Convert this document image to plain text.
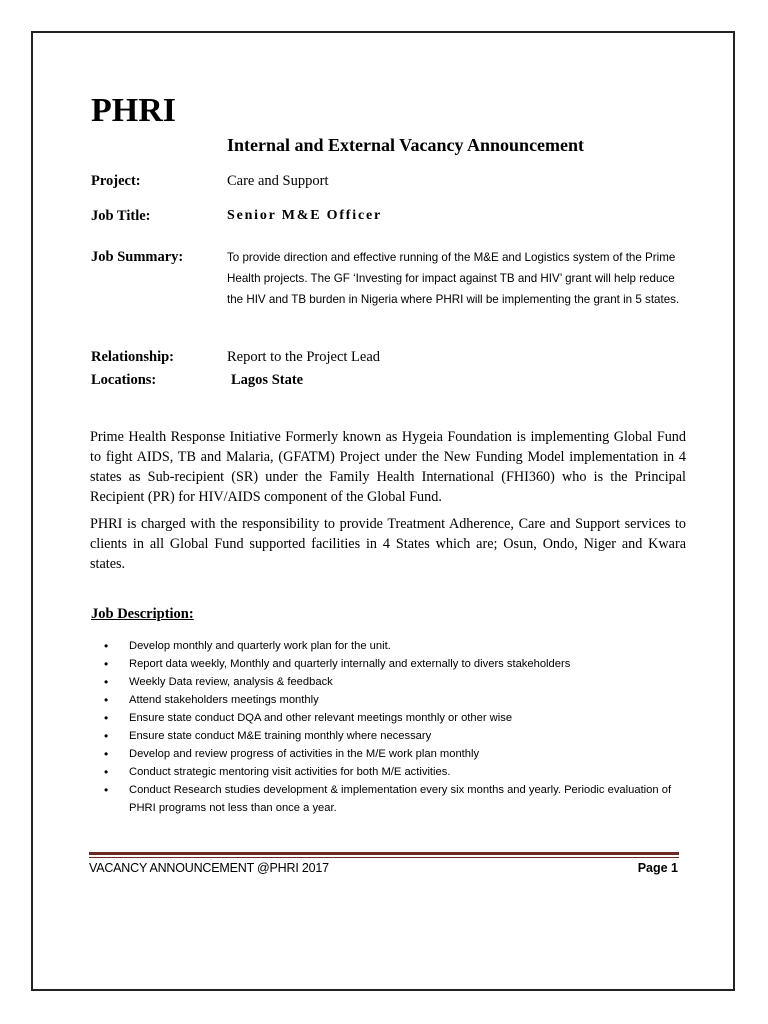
PHRI
Internal and External Vacancy Announcement
Project:	Care and Support
Job Title:	Senior M&E Officer
Job Summary:	To provide direction and effective running of the M&E and Logistics system of the Prime Health projects. The GF ‘Investing for impact against TB and HIV’ grant will help reduce the HIV and TB burden in Nigeria where PHRI will be implementing the grant in 5 states.
Relationship:	Report to the Project Lead
Locations:	Lagos State
Prime Health Response Initiative Formerly known as Hygeia Foundation is implementing Global Fund to fight AIDS, TB and Malaria, (GFATM) Project under the New Funding Model implementation in 4 states as Sub-recipient (SR) under the Family Health International (FHI360) who is the Principal Recipient (PR) for HIV/AIDS component of the Global Fund.
PHRI is charged with the responsibility to provide Treatment Adherence, Care and Support services to clients in all Global Fund supported facilities in 4 States which are; Osun, Ondo, Niger and Kwara states.
Job Description:
• Develop monthly and quarterly work plan for the unit.
• Report data weekly, Monthly and quarterly internally and externally to divers stakeholders
• Weekly Data review, analysis & feedback
• Attend stakeholders meetings monthly
• Ensure state conduct DQA and other relevant meetings monthly or other wise
• Ensure state conduct M&E training monthly where necessary
• Develop and review progress of activities in the M/E work plan monthly
• Conduct strategic mentoring visit activities for both M/E activities.
• Conduct Research studies development & implementation every six months and yearly. Periodic evaluation of PHRI programs not less than once a year.
VACANCY ANNOUNCEMENT @PHRI 2017	Page 1
